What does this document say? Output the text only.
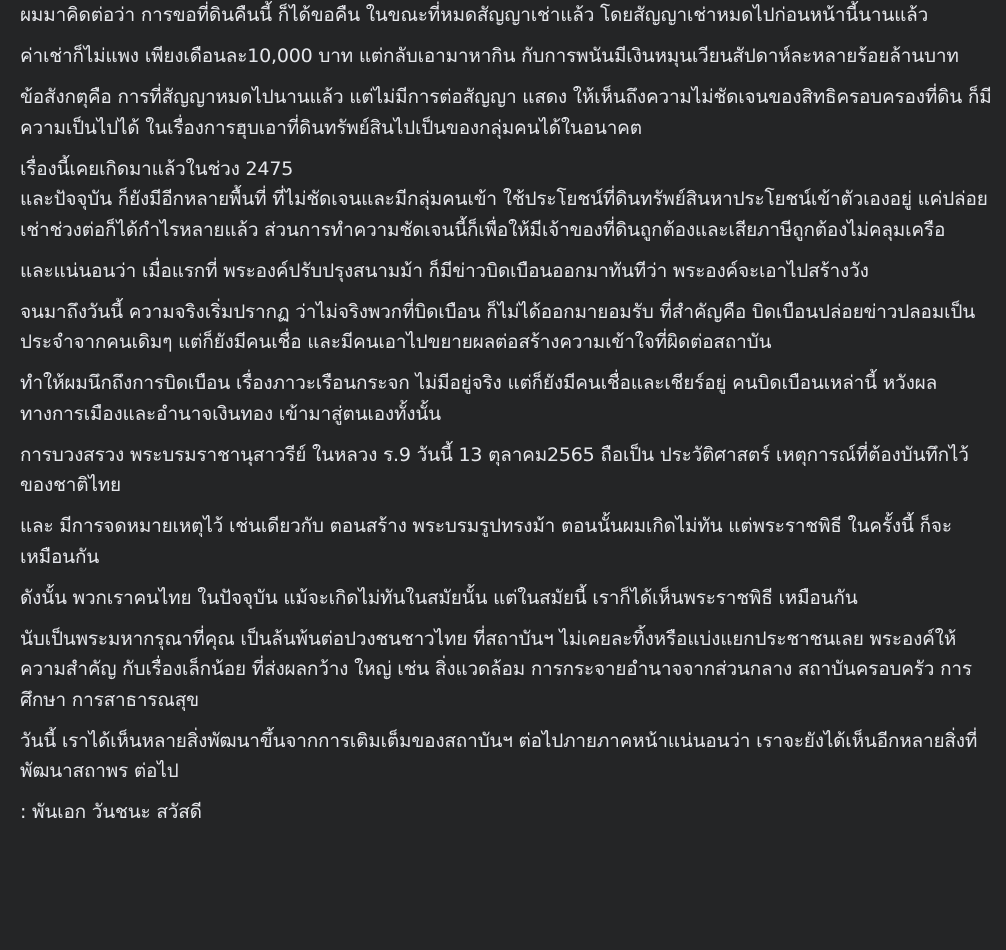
ผมมาคิดต่อว่า การขอที่ดินคืนนี้ ก็ได้ขอคืน ในขณะที่หมดสัญญาเช่าแล้ว โดยสัญญาเช่าหมดไปก่อนหน้านี้นานแล้ว

ค่าเช่าก็ไม่แพง เพียงเดือนละ10,000 บาท แต่กลับเอามาหากิน กับการพนันมีเงินหมุนเวียนสัปดาห์ละหลายร้อยล้านบาท

ข้อสังกตุคือ การที่สัญญาหมดไปนานแล้ว แต่ไม่มีการต่อสัญญา แสดง ให้เห็นถึงความไม่ชัดเจนของสิทธิครอบครองที่ดิน ก็มีความเป็นไปได้ ในเรื่องการฮุบเอาที่ดินทรัพย์สินไปเป็นของกลุ่มคนได้ในอนาคต

เรื่องนี้เคยเกิดมาแล้วในช่วง 2475
และปัจจุบัน ก็ยังมีอีกหลายพื้นที่ ที่ไม่ชัดเจนและมีกลุ่มคนเข้า ใช้ประโยชน์ที่ดินทรัพย์สินหาประโยชน์เข้าตัวเองอยู่ แค่ปล่อยเช่าช่วงต่อก็ได้กำไรหลายแล้ว ส่วนการทำความชัดเจนนี้ก็เพื่อให้มีเจ้าของที่ดินถูกต้องและเสียภาษีถูกต้องไม่คลุมเครือ

และแน่นอนว่า เมื่อแรกที่ พระองค์ปรับปรุงสนามม้า ก็มีข่าวบิดเบือนออกมาทันทีว่า พระองค์จะเอาไปสร้างวัง

จนมาถึงวันนี้ ความจริงเริ่มปรากฏ ว่าไม่จริงพวกที่บิดเบือน ก็ไม่ได้ออกมายอมรับ ที่สำคัญคือ บิดเบือนปล่อยข่าวปลอมเป็นประจำจากคนเดิมๆ แต่ก็ยังมีคนเชื่อ และมีคนเอาไปขยายผลต่อสร้างความเข้าใจที่ผิดต่อสถาบัน

ทำให้ผมนึกถึงการบิดเบือน เรื่องภาวะเรือนกระจก ไม่มีอยู่จริง แต่ก็ยังมีคนเชื่อและเชียร์อยู่ คนบิดเบือนเหล่านี้ หวังผลทางการเมืองและอำนาจเงินทอง เข้ามาสู่ตนเองทั้งนั้น

การบวงสรวง พระบรมราชานุสาวรีย์ ในหลวง ร.9 วันนี้ 13 ตุลาคม2565 ถือเป็น ประวัติศาสตร์ เหตุการณ์ที่ต้องบันทึกไว้ของชาติไทย

และ มีการจดหมายเหตุไว้ เช่นเดียวกับ ตอนสร้าง พระบรมรูปทรงม้า ตอนนั้นผมเกิดไม่ทัน แต่พระราชพิธี ในครั้งนี้ ก็จะเหมือนกัน

ดังนั้น พวกเราคนไทย ในปัจจุบัน แม้จะเกิดไม่ทันในสมัยนั้น แต่ในสมัยนี้ เราก็ได้เห็นพระราชพิธี เหมือนกัน

นับเป็นพระมหากรุณาที่คุณ เป็นล้นพ้นต่อปวงชนชาวไทย ที่สถาบันฯ ไม่เคยละทิ้งหรือแบ่งแยกประชาชนเลย พระองค์ให้ความสำคัญ กับเรื่องเล็กน้อย ที่ส่งผลกว้าง ใหญ่ เช่น สิ่งแวดล้อม การกระจายอำนาจจากส่วนกลาง สถาบันครอบครัว การศึกษา การสาธารณสุข

วันนี้ เราได้เห็นหลายสิ่งพัฒนาขึ้นจากการเติมเต็มของสถาบันฯ ต่อไปภายภาคหน้าแน่นอนว่า เราจะยังได้เห็นอีกหลายสิ่งที่พัฒนาสถาพร ต่อไป

: พันเอก วันชนะ สวัสดี
